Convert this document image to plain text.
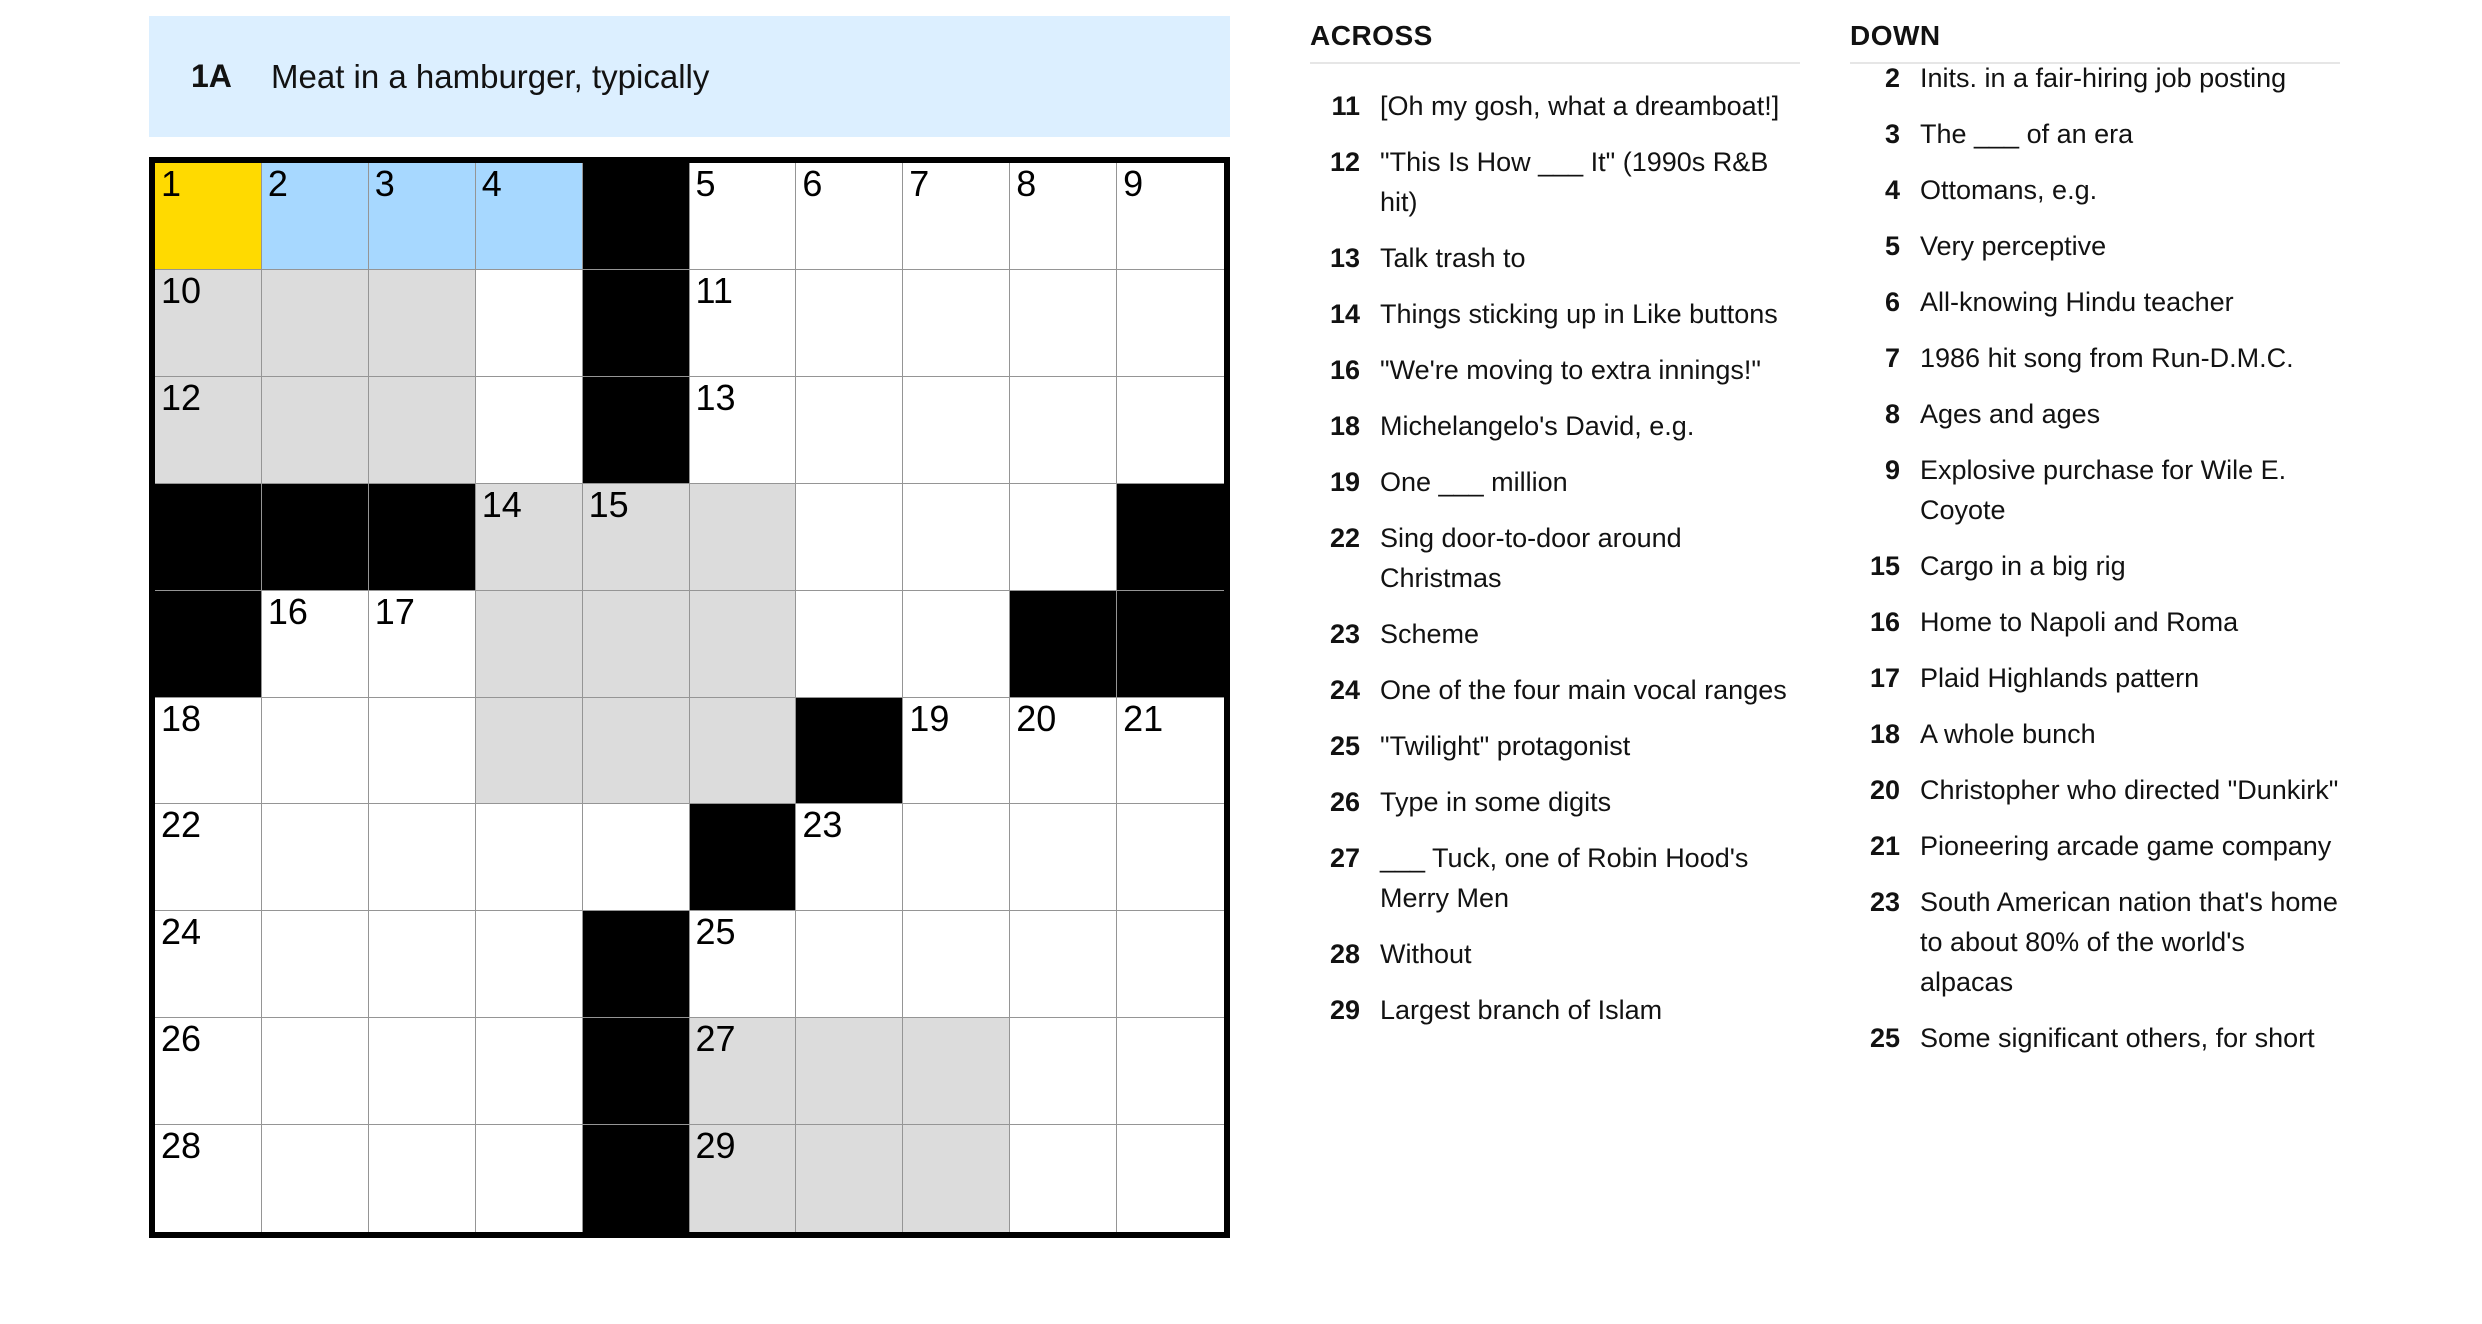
1A	Meat in a hamburger, typically
1 2 3 4	5 6 7 8 9
10	11
12	13
14 15
16 17
18	19 20 21
22	23
24	25
26	27
28	29
ACROSS
11 [Oh my gosh, what a dreamboat!]
12 "This Is How ___ It" (1990s R&B hit)
13 Talk trash to
14 Things sticking up in Like buttons
16 "We're moving to extra innings!"
18 Michelangelo's David, e.g.
19 One ___ million
22 Sing door-to-door around Christmas
23 Scheme
24 One of the four main vocal ranges
25 "Twilight" protagonist
26 Type in some digits
27 ___ Tuck, one of Robin Hood's Merry Men
28 Without
29 Largest branch of Islam
DOWN
2 Inits. in a fair-hiring job posting
3 The ___ of an era
4 Ottomans, e.g.
5 Very perceptive
6 All-knowing Hindu teacher
7 1986 hit song from Run-D.M.C.
8 Ages and ages
9 Explosive purchase for Wile E. Coyote
15 Cargo in a big rig
16 Home to Napoli and Roma
17 Plaid Highlands pattern
18 A whole bunch
20 Christopher who directed "Dunkirk"
21 Pioneering arcade game company
23 South American nation that's home to about 80% of the world's alpacas
25 Some significant others, for short
